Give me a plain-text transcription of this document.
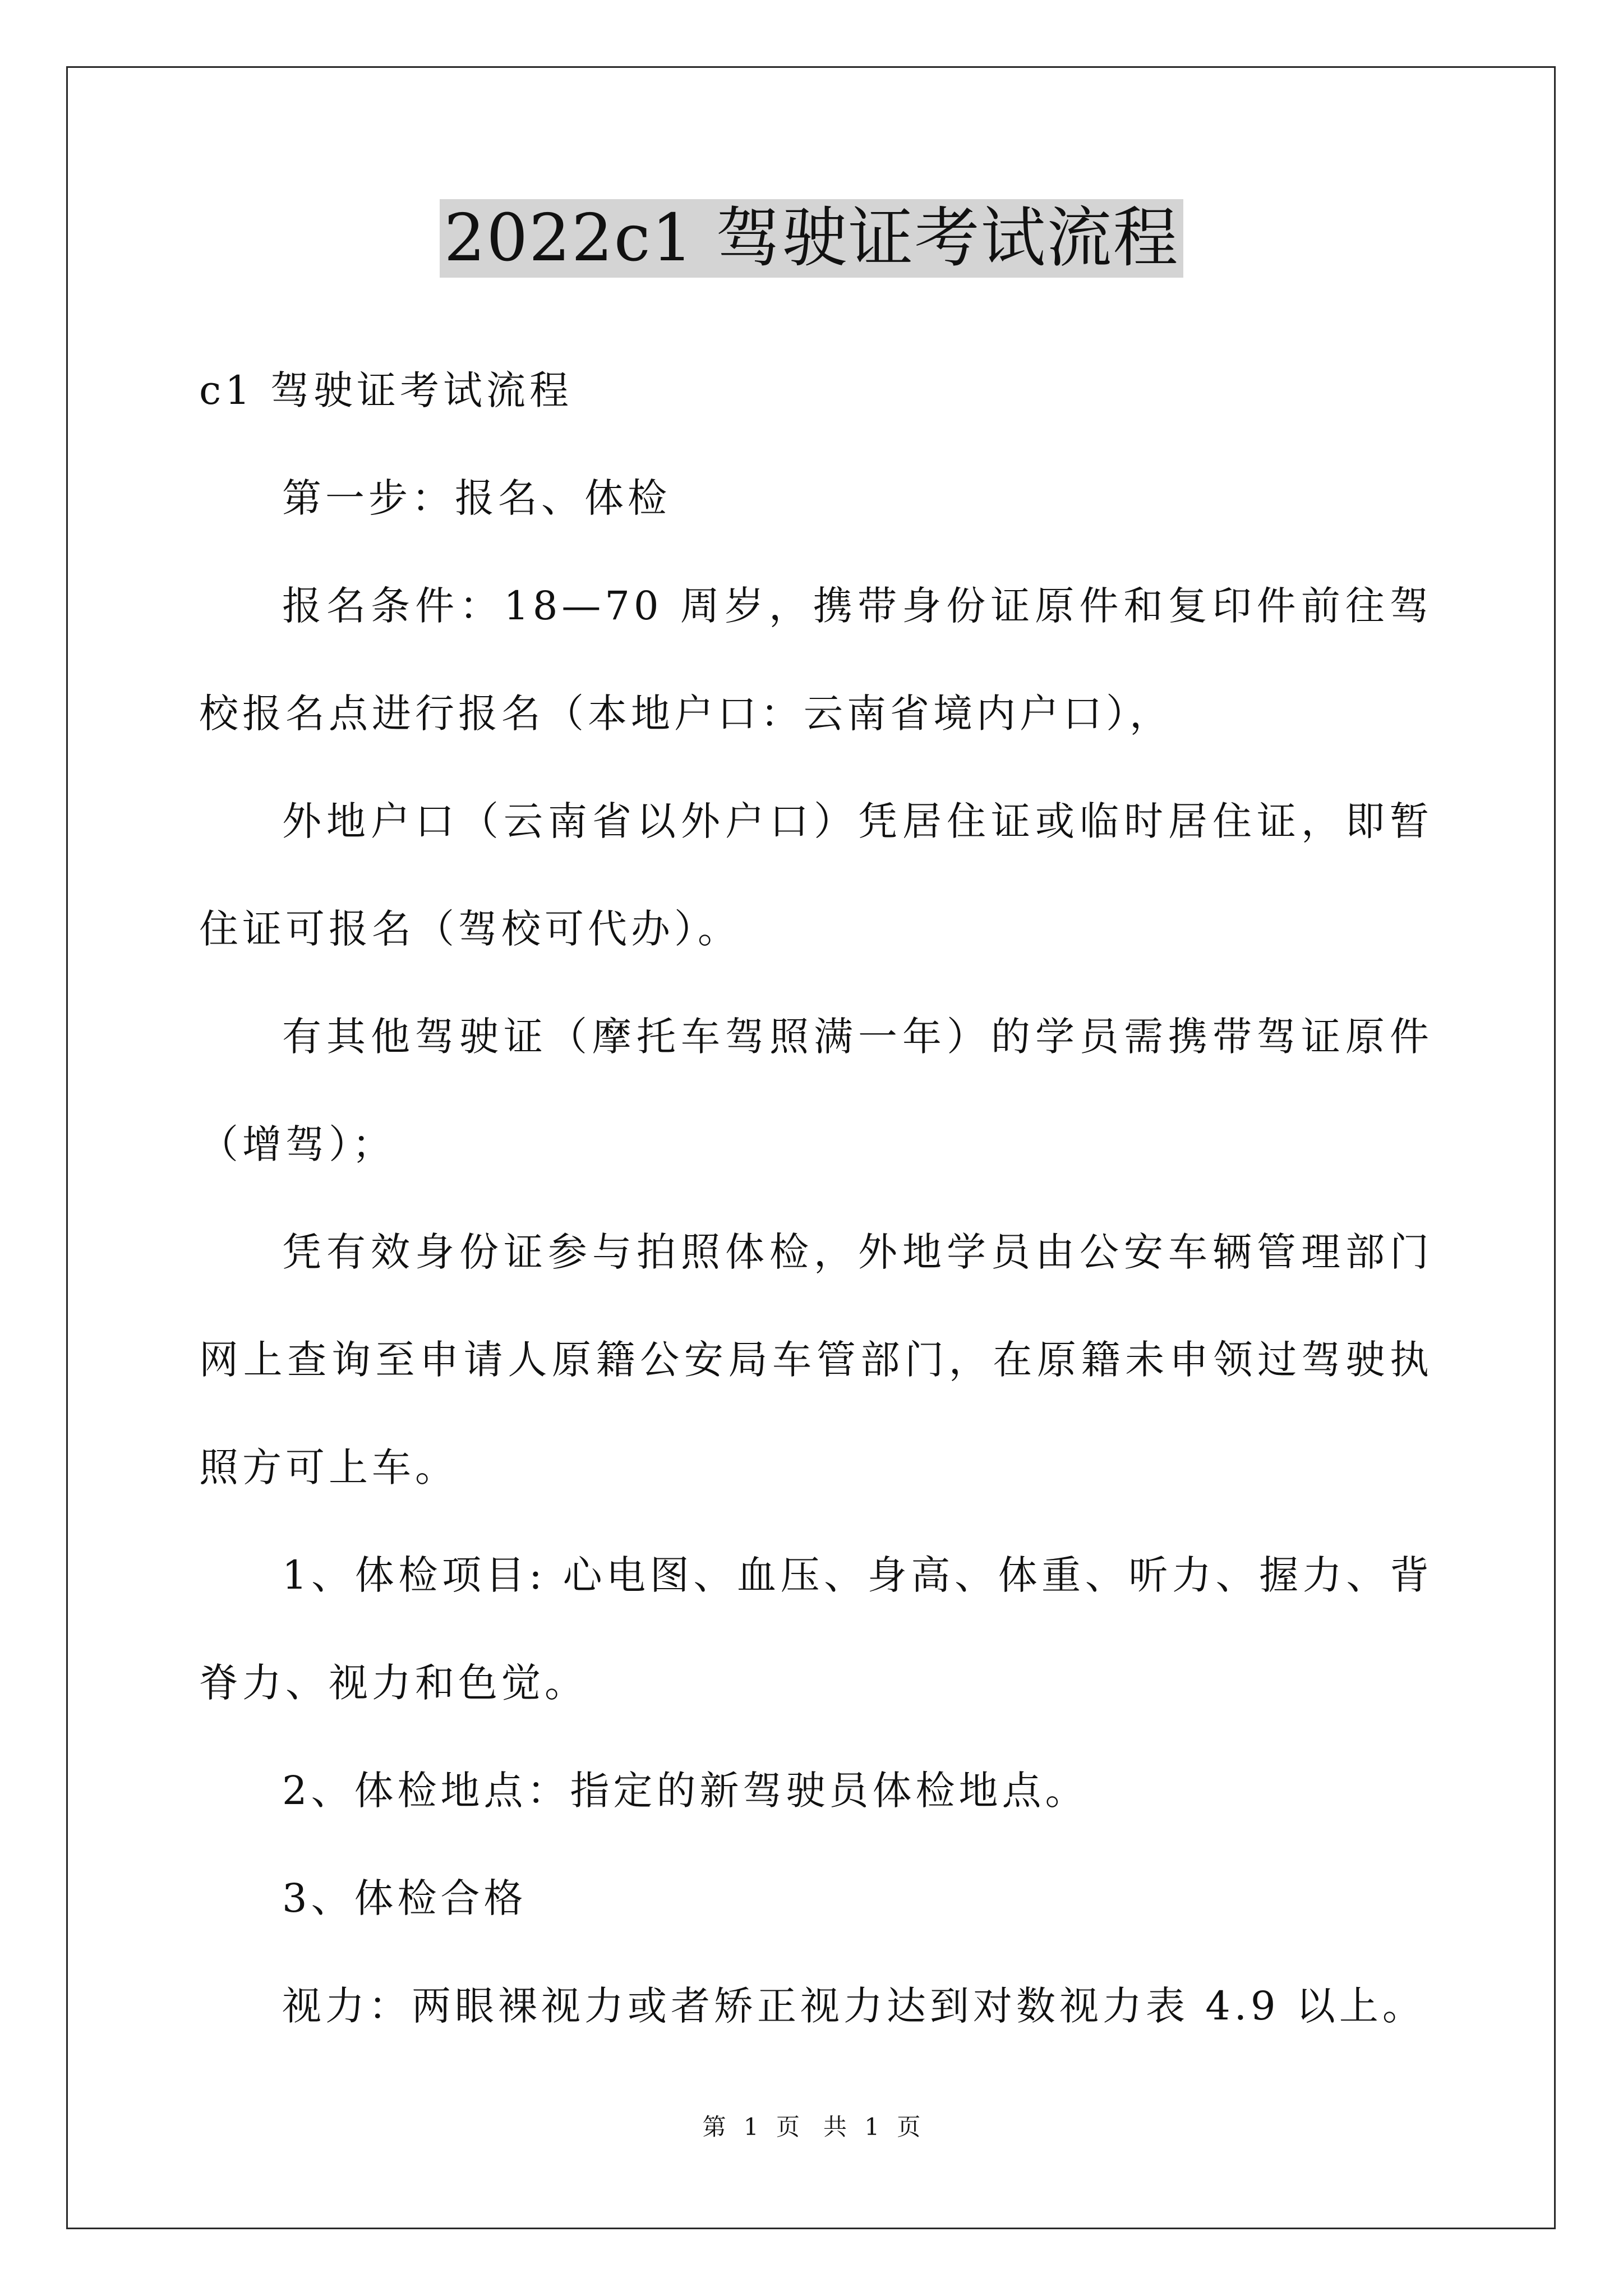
2022c1 驾驶证考试流程

c1 驾驶证考试流程

第一步：报名、体检

报名条件：18—70 周岁，携带身份证原件和复印件前往驾校报名点进行报名（本地户口：云南省境内户口），

外地户口（云南省以外户口）凭居住证或临时居住证，即暂住证可报名（驾校可代办）。

有其他驾驶证（摩托车驾照满一年）的学员需携带驾证原件（增驾）；

凭有效身份证参与拍照体检，外地学员由公安车辆管理部门网上查询至申请人原籍公安局车管部门，在原籍未申领过驾驶执照方可上车。

1、体检项目: 心电图、血压、身高、体重、听力、握力、背脊力、视力和色觉。

2、体检地点：指定的新驾驶员体检地点。

3、体检合格

视力：两眼裸视力或者矫正视力达到对数视力表 4.9 以上。

第 1 页　共 1 页
